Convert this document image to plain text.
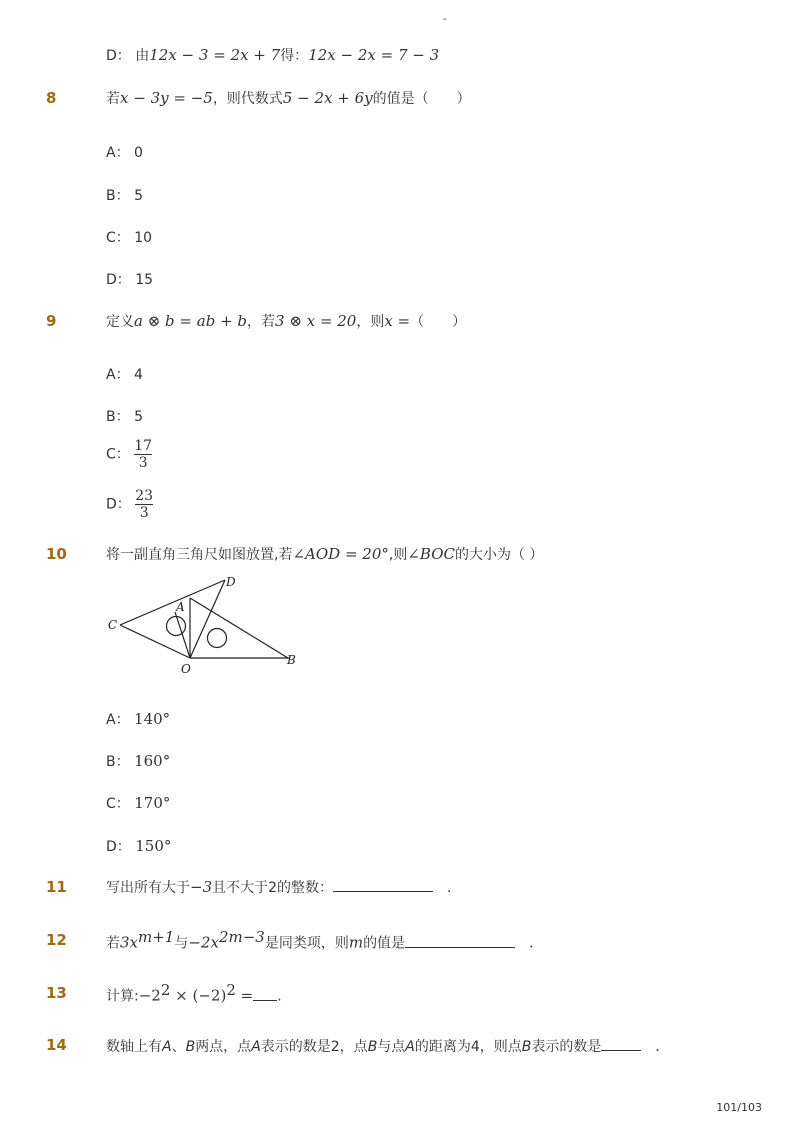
-
D： 由12x − 3 = 2x + 7得：12x − 2x = 7 − 3
8	若x − 3y = −5，则代数式5 − 2x + 6y的值是（　　）
A： 0
B： 5
C： 10
D： 15
9	定义a ⊗ b = ab + b，若3 ⊗ x = 20，则x =（　　）
A： 4
B： 5
C： $\frac{17}{3}$
D： $\frac{23}{3}$
10	将一副直角三角尺如图放置,若∠AOD = 20°,则∠BOC的大小为（ ）
C
A
D
O
B
A： 140°
B： 160°
C： 170°
D： 150°
11	写出所有大于−3且不大于2的整数：　	．
12	若$3x^{m+1}$与$-2x^{2m-3}$是同类项，则m的值是　	．
13	计算$:-2^2 \times (-2)^2$ = .
14	数轴上有A、B两点，点A表示的数是2，点B与点A的距离为4，则点B表示的数是　	．
101/103
